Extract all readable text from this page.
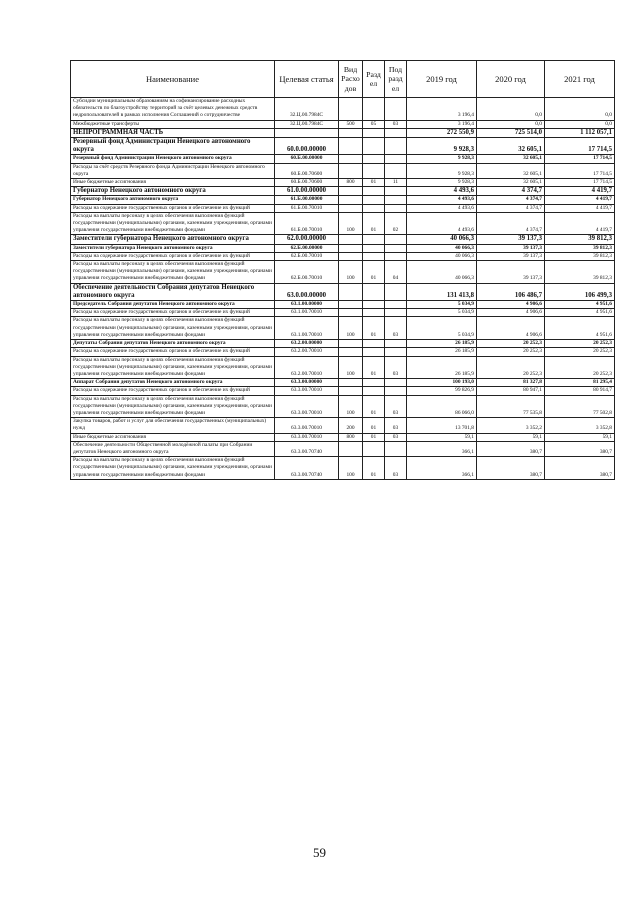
Наименование	Целевая статья	Вид Расходов	Раздел	Подраздел	2019 год	2020 год	2021 год
Субсидии муниципальным образованиям на софинансирование расходных обязательств по благоустройству территорий за счёт целевых денежных средств недропользователей в рамках исполнения Соглашений о сотрудничестве	32.Ц.00.7984С				3 196,4	0,0	0,0
Межбюджетные трансферты	32.Ц.00.7984С	500	05	03	3 196,4	0,0	0,0
НЕПРОГРАММНАЯ ЧАСТЬ					272 550,9	725 514,0	1 112 057,1
Резервный фонд Администрации Ненецкого автономного округа	60.0.00.00000				9 928,3	32 605,1	17 714,5
Резервный фонд Администрации Ненецкого автономного округа	60.Б.00.00000				9 928,3	32 605,1	17 714,5
Расходы за счёт средств Резервного фонда Администрации Ненецкого автономного округа	60.Б.00.70600				9 928,3	32 605,1	17 714,5
Иные бюджетные ассигнования	60.Б.00.70600	800	01	11	9 928,3	32 605,1	17 714,5
Губернатор Ненецкого автономного округа	61.0.00.00000				4 493,6	4 374,7	4 419,7
Губернатор Ненецкого автономного округа	61.Б.00.00000				4 493,6	4 374,7	4 419,7
Расходы на содержание государственных органов и обеспечение их функций	61.Б.00.70010				4 493,6	4 374,7	4 419,7
Расходы на выплаты персоналу в целях обеспечения выполнения функций государственными (муниципальными) органами, казенными учреждениями, органами управления государственными внебюджетными фондами	61.Б.00.70010	100	01	02	4 493,6	4 374,7	4 419,7
Заместители губернатора Ненецкого автономного округа	62.0.00.00000				40 066,3	39 137,3	39 812,3
Заместители губернатора Ненецкого автономного округа	62.Б.00.00000				40 066,3	39 137,3	39 812,3
Расходы на содержание государственных органов и обеспечение их функций	62.Б.00.70010				40 066,3	39 137,3	39 812,3
Расходы на выплаты персоналу в целях обеспечения выполнения функций государственными (муниципальными) органами, казенными учреждениями, органами управления государственными внебюджетными фондами	62.Б.00.70010	100	01	04	40 066,3	39 137,3	39 812,3
Обеспечение деятельности Собрания депутатов Ненецкого автономного округа	63.0.00.00000				131 413,8	106 486,7	106 499,3
Председатель Собрания депутатов Ненецкого автономного округа	63.1.00.00000				5 034,9	4 906,6	4 951,6
Расходы на содержание государственных органов и обеспечение их функций	63.1.00.70010				5 034,9	4 906,6	4 951,6
Расходы на выплаты персоналу в целях обеспечения выполнения функций государственными (муниципальными) органами, казенными учреждениями, органами управления государственными внебюджетными фондами	63.1.00.70010	100	01	03	5 034,9	4 906,6	4 951,6
Депутаты Собрания депутатов Ненецкого автономного округа	63.2.00.00000				26 185,9	20 252,3	20 252,3
Расходы на содержание государственных органов и обеспечение их функций	63.2.00.70010				26 185,9	20 252,3	20 252,3
Расходы на выплаты персоналу в целях обеспечения выполнения функций государственными (муниципальными) органами, казенными учреждениями, органами управления государственными внебюджетными фондами	63.2.00.70010	100	01	03	26 185,9	20 252,3	20 252,3
Аппарат Собрания депутатов Ненецкого автономного округа	63.3.00.00000				100 193,0	81 327,8	81 295,4
Расходы на содержание государственных органов и обеспечение их функций	63.3.00.70010				99 826,9	80 947,1	80 914,7
Расходы на выплаты персоналу в целях обеспечения выполнения функций государственными (муниципальными) органами, казенными учреждениями, органами управления государственными внебюджетными фондами	63.3.00.70010	100	01	03	86 066,0	77 535,8	77 502,8
Закупка товаров, работ и услуг для обеспечения государственных (муниципальных) нужд	63.3.00.70010	200	01	03	13 701,8	3 352,2	3 352,8
Иные бюджетные ассигнования	63.3.00.70010	800	01	03	59,1	59,1	59,1
Обеспечение деятельности Общественной молодёжной палаты при Собрании депутатов Ненецкого автономного округа	63.3.00.70740				366,1	380,7	380,7
Расходы на выплаты персоналу в целях обеспечения выполнения функций государственными (муниципальными) органами, казенными учреждениями, органами управления государственными внебюджетными фондами	63.3.00.70740	100	01	03	366,1	380,7	380,7
59
